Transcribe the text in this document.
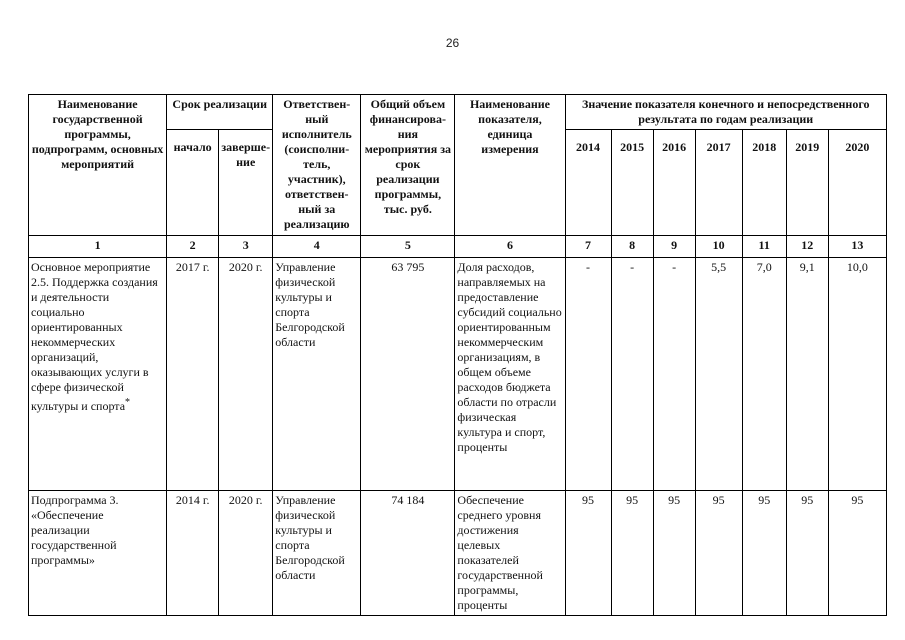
26
Наименование государственной программы, подпрограмм, основных мероприятий	Срок реализации		Ответствен-ный исполнитель (соисполни-тель, участник), ответствен-ный за реализацию	Общий объем финансирова-ния мероприятия за срок реализации программы, тыс. руб.	Наименование показателя, единица измерения	Значение показателя конечного и непосредственного результата по годам реализации						
	начало	заверше-ние				2014	2015	2016	2017	2018	2019	2020
1	2	3	4	5	6	7	8	9	10	11	12	13
Основное мероприятие 2.5. Поддержка создания и деятельности социально ориентированных некоммерческих организаций, оказывающих услуги в сфере физической культуры и спорта*	2017 г.	2020 г.	Управление физической культуры и спорта Белгородской области	63 795	Доля расходов, направляемых на предоставление субсидий социально ориентированным некоммерческим организациям, в общем объеме расходов бюджета области по отрасли физическая культура и спорт, проценты	-	-	-	5,5	7,0	9,1	10,0
Подпрограмма 3. «Обеспечение реализации государственной программы»	2014 г.	2020 г.	Управление физической культуры и спорта Белгородской области	74 184	Обеспечение среднего уровня достижения целевых показателей государственной программы, проценты	95	95	95	95	95	95	95
